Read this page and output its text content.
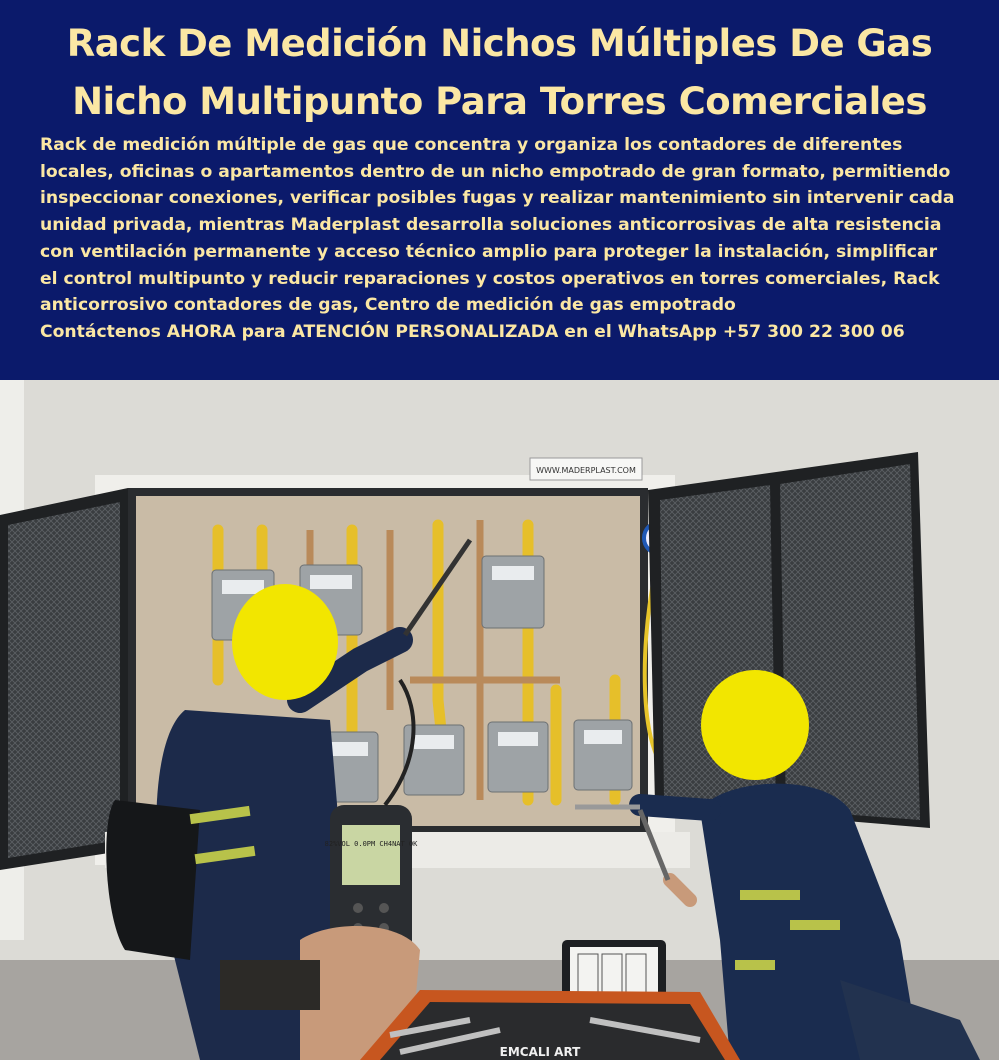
Rack De Medición Nichos Múltiples De Gas
Nicho Multipunto Para Torres Comerciales
Rack de medición múltiple de gas que concentra y organiza los contadores de diferentes
locales, oficinas o apartamentos dentro de un nicho empotrado de gran formato, permitiendo
inspeccionar conexiones, verificar posibles fugas y realizar mantenimiento sin intervenir cada
unidad privada, mientras Maderplast desarrolla soluciones anticorrosivas de alta resistencia
con ventilación permanente y acceso técnico amplio para proteger la instalación, simplificar
el control multipunto y reducir reparaciones y costos operativos en torres comerciales, Rack
anticorrosivo contadores de gas, Centro de medición de gas empotrado
Contáctenos AHORA para ATENCIÓN PERSONALIZADA en el WhatsApp +57 300 22 300 06
WWW.MADERPLAST.COM
82%VOL 0.0PM CH4NAT OK
EMCALI ART
